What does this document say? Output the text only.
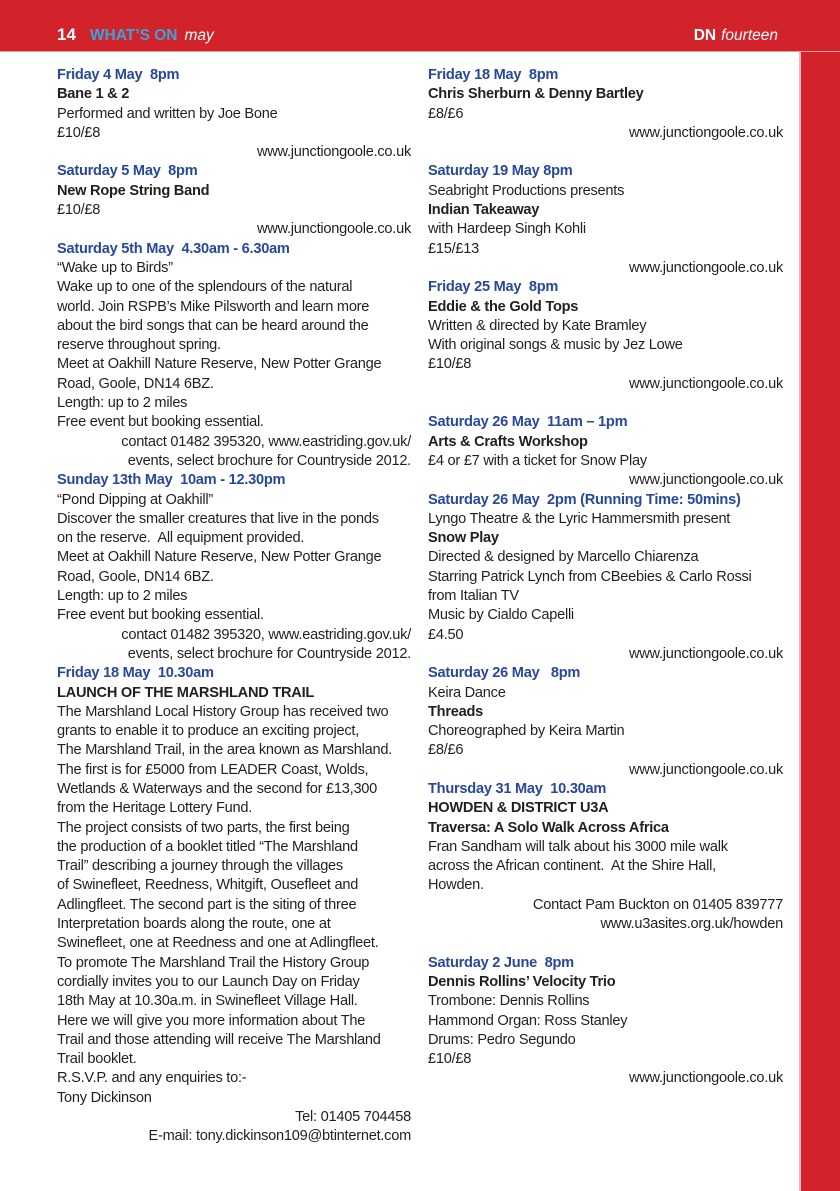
14 WHAT’S ON may	DN fourteen
Friday 4 May  8pm
Bane 1 & 2
Performed and written by Joe Bone
£10/£8
www.junctiongoole.co.uk
Saturday 5 May  8pm
New Rope String Band
£10/£8
www.junctiongoole.co.uk
Saturday 5th May  4.30am - 6.30am
“Wake up to Birds”
Wake up to one of the splendours of the natural
world. Join RSPB’s Mike Pilsworth and learn more
about the bird songs that can be heard around the
reserve throughout spring.
Meet at Oakhill Nature Reserve, New Potter Grange
Road, Goole, DN14 6BZ.
Length: up to 2 miles
Free event but booking essential.
contact 01482 395320, www.eastriding.gov.uk/
events, select brochure for Countryside 2012.
Sunday 13th May  10am - 12.30pm
“Pond Dipping at Oakhill”
Discover the smaller creatures that live in the ponds
on the reserve.  All equipment provided.
Meet at Oakhill Nature Reserve, New Potter Grange
Road, Goole, DN14 6BZ.
Length: up to 2 miles
Free event but booking essential.
contact 01482 395320, www.eastriding.gov.uk/
events, select brochure for Countryside 2012.
Friday 18 May  10.30am
LAUNCH OF THE MARSHLAND TRAIL
The Marshland Local History Group has received two
grants to enable it to produce an exciting project,
The Marshland Trail, in the area known as Marshland.
The first is for £5000 from LEADER Coast, Wolds,
Wetlands & Waterways and the second for £13,300
from the Heritage Lottery Fund.
The project consists of two parts, the first being
the production of a booklet titled “The Marshland
Trail” describing a journey through the villages
of Swinefleet, Reedness, Whitgift, Ousefleet and
Adlingfleet. The second part is the siting of three
Interpretation boards along the route, one at
Swinefleet, one at Reedness and one at Adlingfleet.
To promote The Marshland Trail the History Group
cordially invites you to our Launch Day on Friday
18th May at 10.30a.m. in Swinefleet Village Hall.
Here we will give you more information about The
Trail and those attending will receive The Marshland
Trail booklet.
R.S.V.P. and any enquiries to:-
Tony Dickinson
Tel: 01405 704458
E-mail: tony.dickinson109@btinternet.com
Friday 18 May  8pm
Chris Sherburn & Denny Bartley
£8/£6
www.junctiongoole.co.uk
Saturday 19 May 8pm
Seabright Productions presents
Indian Takeaway
with Hardeep Singh Kohli
£15/£13
www.junctiongoole.co.uk
Friday 25 May  8pm
Eddie & the Gold Tops
Written & directed by Kate Bramley
With original songs & music by Jez Lowe
£10/£8
www.junctiongoole.co.uk
Saturday 26 May  11am – 1pm
Arts & Crafts Workshop
£4 or £7 with a ticket for Snow Play
www.junctiongoole.co.uk
Saturday 26 May  2pm (Running Time: 50mins)
Lyngo Theatre & the Lyric Hammersmith present
Snow Play
Directed & designed by Marcello Chiarenza
Starring Patrick Lynch from CBeebies & Carlo Rossi
from Italian TV
Music by Cialdo Capelli
£4.50
www.junctiongoole.co.uk
Saturday 26 May   8pm
Keira Dance
Threads
Choreographed by Keira Martin
£8/£6
www.junctiongoole.co.uk
Thursday 31 May  10.30am
HOWDEN & DISTRICT U3A
Traversa: A Solo Walk Across Africa
Fran Sandham will talk about his 3000 mile walk
across the African continent.  At the Shire Hall,
Howden.
Contact Pam Buckton on 01405 839777
www.u3asites.org.uk/howden
Saturday 2 June  8pm
Dennis Rollins’ Velocity Trio
Trombone: Dennis Rollins
Hammond Organ: Ross Stanley
Drums: Pedro Segundo
£10/£8
www.junctiongoole.co.uk
